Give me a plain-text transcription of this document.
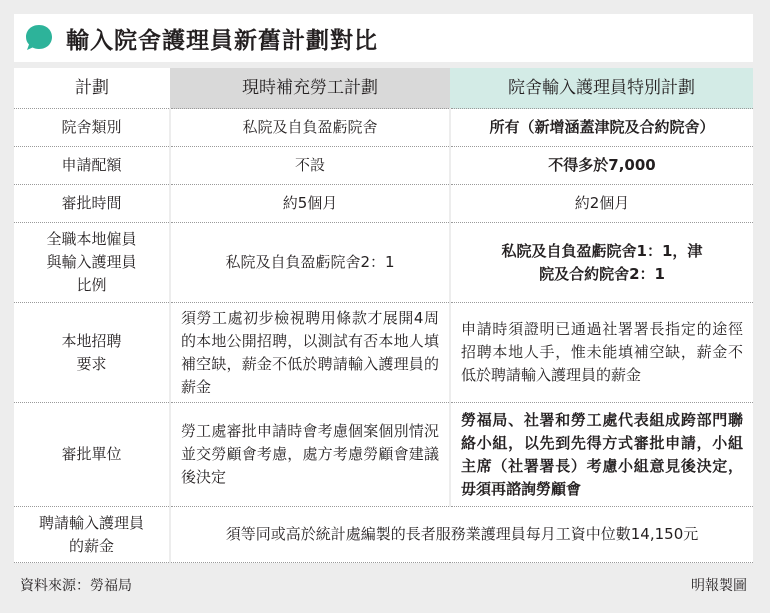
輸入院舍護理員新舊計劃對比
計劃	現時補充勞工計劃	院舍輸入護理員特別計劃
院舍類別	私院及自負盈虧院舍	所有（新增涵蓋津院及合約院舍）
申請配額	不設	不得多於7,000
審批時間	約5個月	約2個月

全職本地僱員與輸入護理員比例	私院及自負盈虧院舍2：1	私院及自負盈虧院舍1：1，津院及合約院舍2：1

本地招聘要求	須勞工處初步檢視聘用條款才展開4周的本地公開招聘，以測試有否本地人填補空缺，薪金不低於聘請輸入護理員的薪金	申請時須證明已通過社署署長指定的途徑招聘本地人手，惟未能填補空缺，薪金不低於聘請輸入護理員的薪金
審批單位	勞工處審批申請時會考慮個案個別情況並交勞顧會考慮，處方考慮勞顧會建議後決定	勞福局、社署和勞工處代表組成跨部門聯絡小組，以先到先得方式審批申請，小組主席（社署署長）考慮小組意見後決定，毋須再諮詢勞顧會

聘請輸入護理員的薪金	須等同或高於統計處編製的長者服務業護理員每月工資中位數14,150元	
資料來源：勞福局	明報製圖
